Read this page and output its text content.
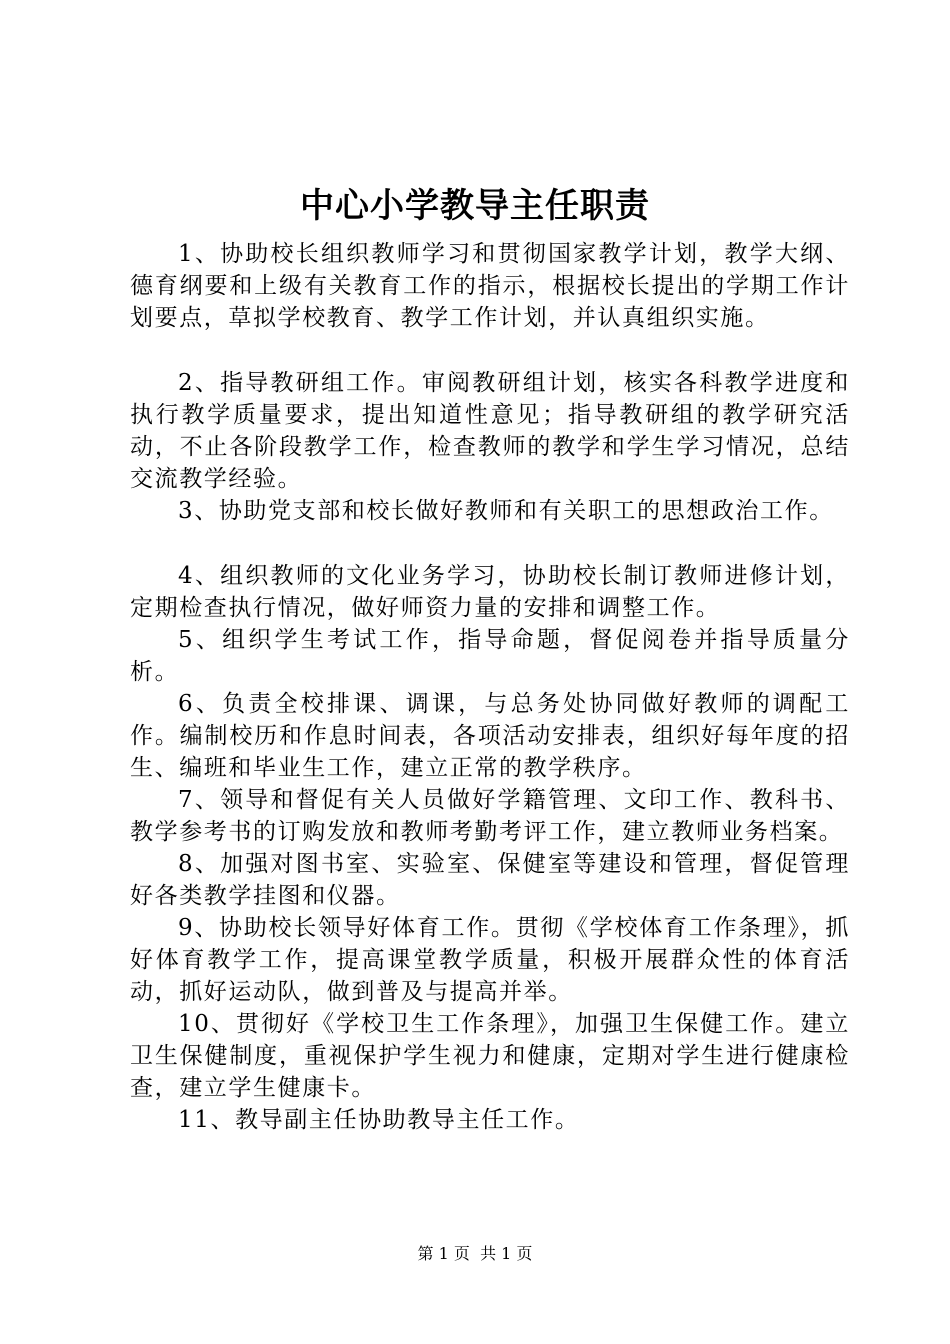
中心小学教导主任职责

1、协助校长组织教师学习和贯彻国家教学计划，教学大纲、德育纲要和上级有关教育工作的指示，根据校长提出的学期工作计划要点，草拟学校教育、教学工作计划，并认真组织实施。

2、指导教研组工作。审阅教研组计划，核实各科教学进度和执行教学质量要求，提出知道性意见；指导教研组的教学研究活动，不止各阶段教学工作，检查教师的教学和学生学习情况，总结交流教学经验。

3、协助党支部和校长做好教师和有关职工的思想政治工作。

4、组织教师的文化业务学习，协助校长制订教师进修计划，定期检查执行情况，做好师资力量的安排和调整工作。

5、组织学生考试工作，指导命题，督促阅卷并指导质量分析。

6、负责全校排课、调课，与总务处协同做好教师的调配工作。编制校历和作息时间表，各项活动安排表，组织好每年度的招生、编班和毕业生工作，建立正常的教学秩序。

7、领导和督促有关人员做好学籍管理、文印工作、教科书、教学参考书的订购发放和教师考勤考评工作，建立教师业务档案。

8、加强对图书室、实验室、保健室等建设和管理，督促管理好各类教学挂图和仪器。

9、协助校长领导好体育工作。贯彻《学校体育工作条理》，抓好体育教学工作，提高课堂教学质量，积极开展群众性的体育活动，抓好运动队，做到普及与提高并举。

10、贯彻好《学校卫生工作条理》，加强卫生保健工作。建立卫生保健制度，重视保护学生视力和健康，定期对学生进行健康检查，建立学生健康卡。

11、教导副主任协助教导主任工作。

第 1 页  共 1 页
